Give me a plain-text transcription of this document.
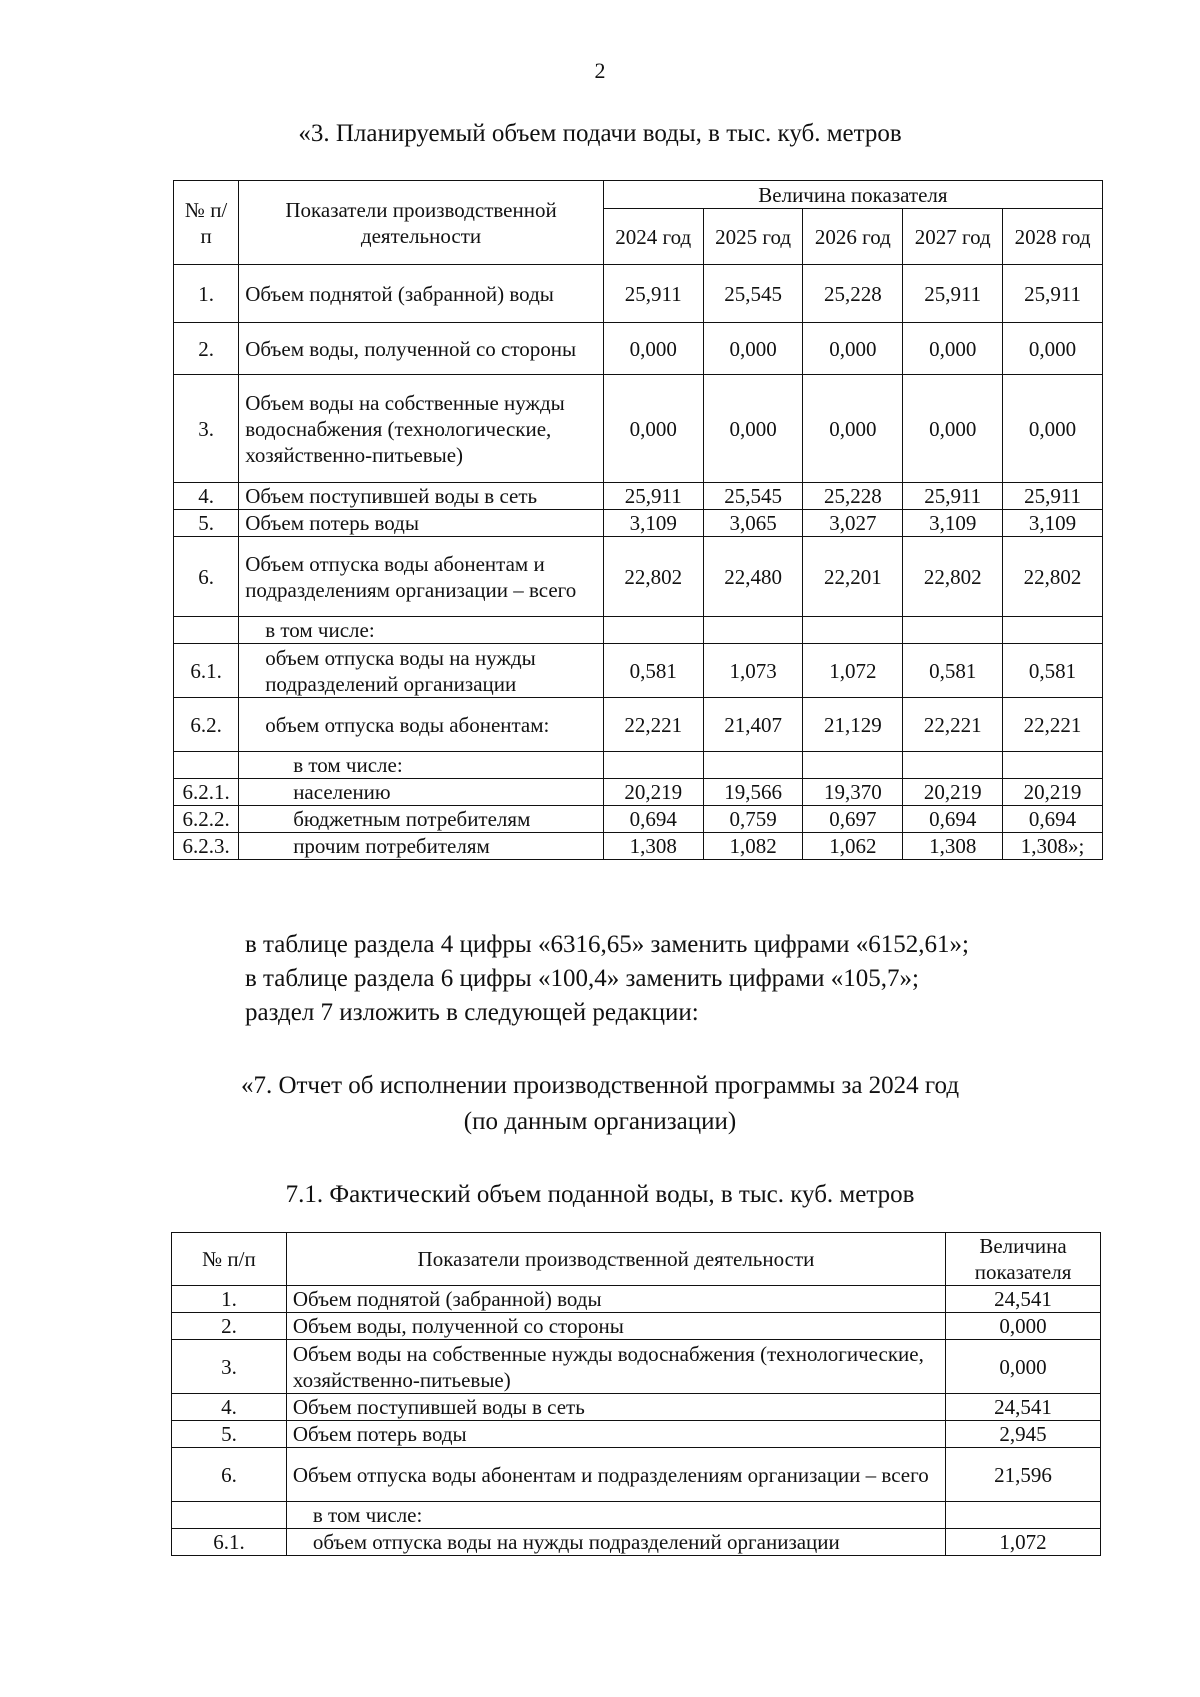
2
«3. Планируемый объем подачи воды, в тыс. куб. метров
№ п/п	Показатели производственной деятельности	Величина показателя				
		2024 год	2025 год	2026 год	2027 год	2028 год
1.	Объем поднятой (забранной) воды	25,911	25,545	25,228	25,911	25,911
2.	Объем воды, полученной со стороны	0,000	0,000	0,000	0,000	0,000
3.	Объем воды на собственные нужды водоснабжения (технологические, хозяйственно-питьевые)	0,000	0,000	0,000	0,000	0,000
4.	Объем поступившей воды в сеть	25,911	25,545	25,228	25,911	25,911
5.	Объем потерь воды	3,109	3,065	3,027	3,109	3,109
6.	Объем отпуска воды абонентам и подразделениям организации – всего	22,802	22,480	22,201	22,802	22,802
	в том числе:					
6.1.	объем отпуска воды на нужды подразделений организации	0,581	1,073	1,072	0,581	0,581
6.2.	объем отпуска воды абонентам:	22,221	21,407	21,129	22,221	22,221
	в том числе:					
6.2.1.	населению	20,219	19,566	19,370	20,219	20,219
6.2.2.	бюджетным потребителям	0,694	0,759	0,697	0,694	0,694
6.2.3.	прочим потребителям	1,308	1,082	1,062	1,308	1,308»;
в таблице раздела 4 цифры «6316,65» заменить цифрами «6152,61»;
в таблице раздела 6 цифры «100,4» заменить цифрами «105,7»;
раздел 7 изложить в следующей редакции:
«7. Отчет об исполнении производственной программы за 2024 год
(по данным организации)
7.1. Фактический объем поданной воды, в тыс. куб. метров
№ п/п	Показатели производственной деятельности	Величина показателя
1.	Объем поднятой (забранной) воды	24,541
2.	Объем воды, полученной со стороны	0,000
3.	Объем воды на собственные нужды водоснабжения (технологические, хозяйственно-питьевые)	0,000
4.	Объем поступившей воды в сеть	24,541
5.	Объем потерь воды	2,945
6.	Объем отпуска воды абонентам и подразделениям организации – всего	21,596
	в том числе:	
6.1.	объем отпуска воды на нужды подразделений организации	1,072
